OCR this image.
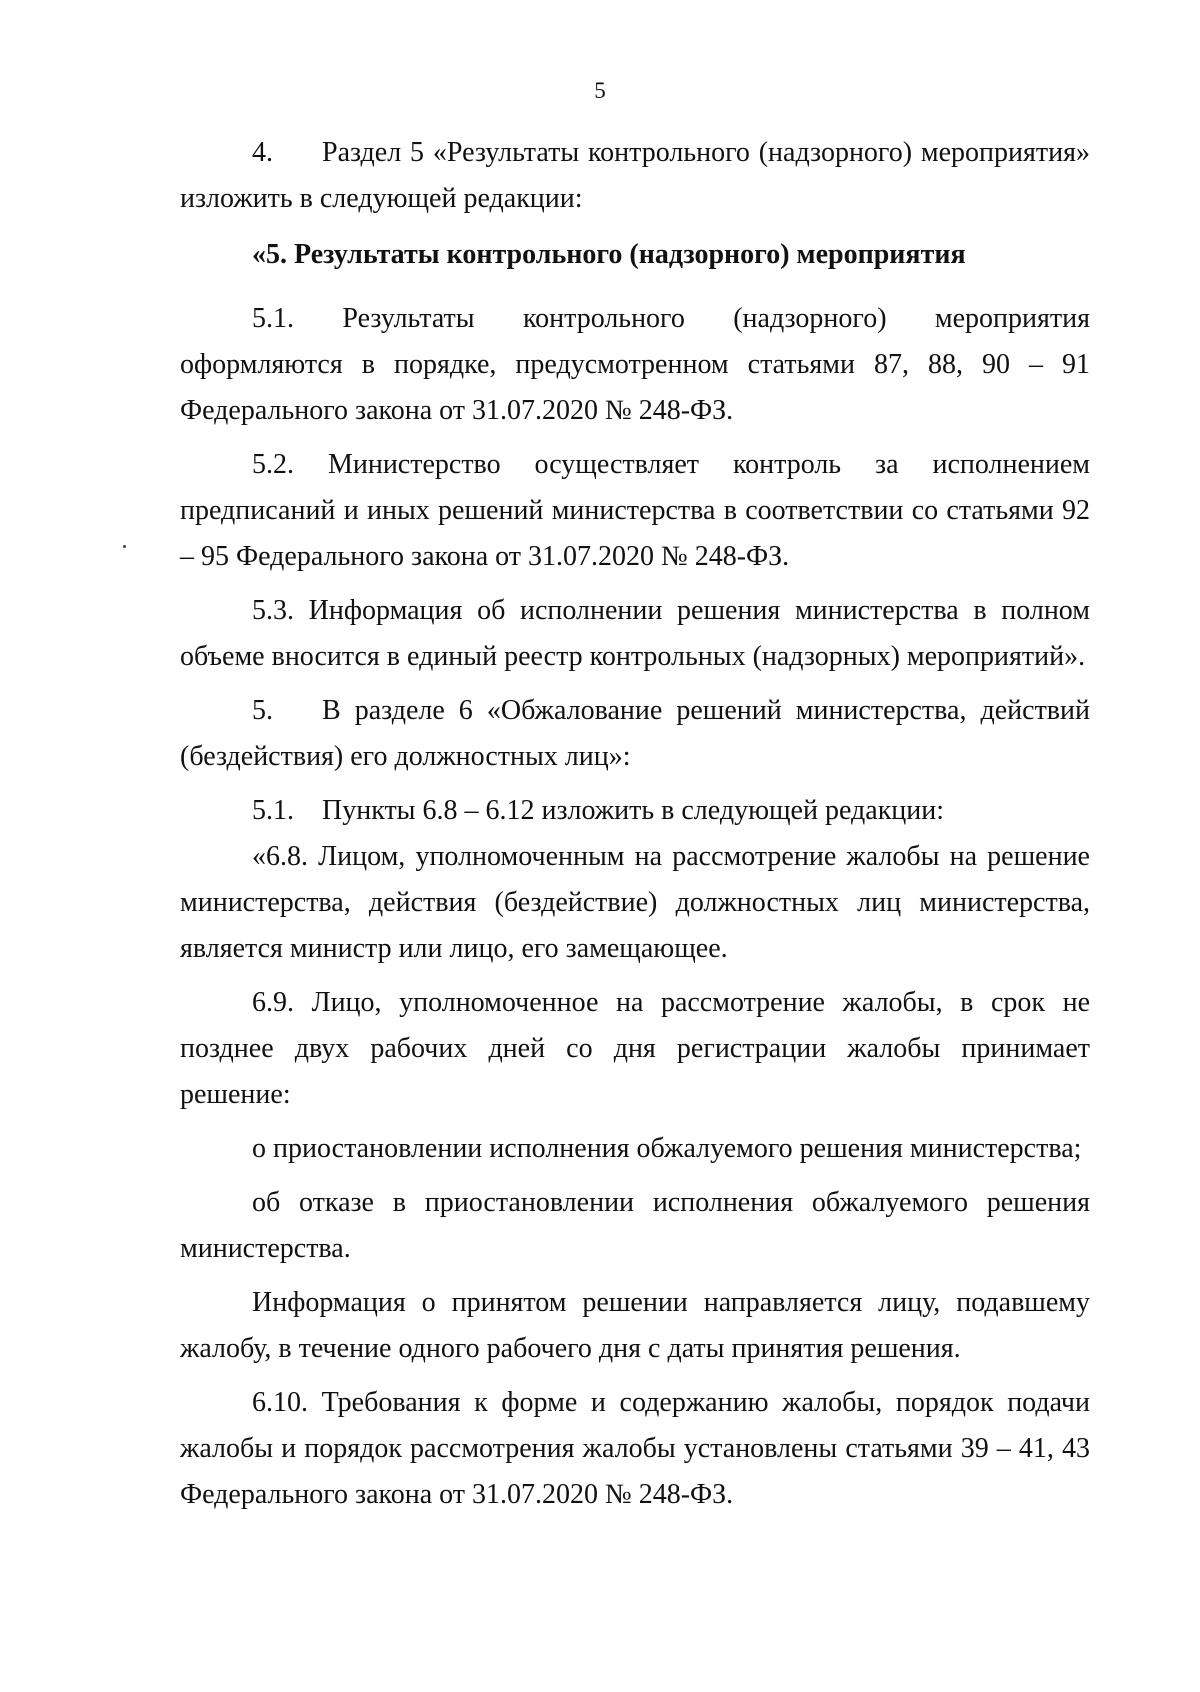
5

4. Раздел 5 «Результаты контрольного (надзорного) мероприятия» изложить в следующей редакции:

«5. Результаты контрольного (надзорного) мероприятия

5.1. Результаты контрольного (надзорного) мероприятия оформляются в порядке, предусмотренном статьями 87, 88, 90 – 91 Федерального закона от 31.07.2020 № 248-ФЗ.

5.2. Министерство осуществляет контроль за исполнением предписаний и иных решений министерства в соответствии со статьями 92 – 95 Федерального закона от 31.07.2020 № 248-ФЗ.

5.3. Информация об исполнении решения министерства в полном объеме вносится в единый реестр контрольных (надзорных) мероприятий».

5. В разделе 6 «Обжалование решений министерства, действий (бездействия) его должностных лиц»:

5.1. Пункты 6.8 – 6.12 изложить в следующей редакции:

«6.8. Лицом, уполномоченным на рассмотрение жалобы на решение министерства, действия (бездействие) должностных лиц министерства, является министр или лицо, его замещающее.

6.9. Лицо, уполномоченное на рассмотрение жалобы, в срок не позднее двух рабочих дней со дня регистрации жалобы принимает решение:

о приостановлении исполнения обжалуемого решения министерства;

об отказе в приостановлении исполнения обжалуемого решения министерства.

Информация о принятом решении направляется лицу, подавшему жалобу, в течение одного рабочего дня с даты принятия решения.

6.10. Требования к форме и содержанию жалобы, порядок подачи жалобы и порядок рассмотрения жалобы установлены статьями 39 – 41, 43 Федерального закона от 31.07.2020 № 248-ФЗ.
